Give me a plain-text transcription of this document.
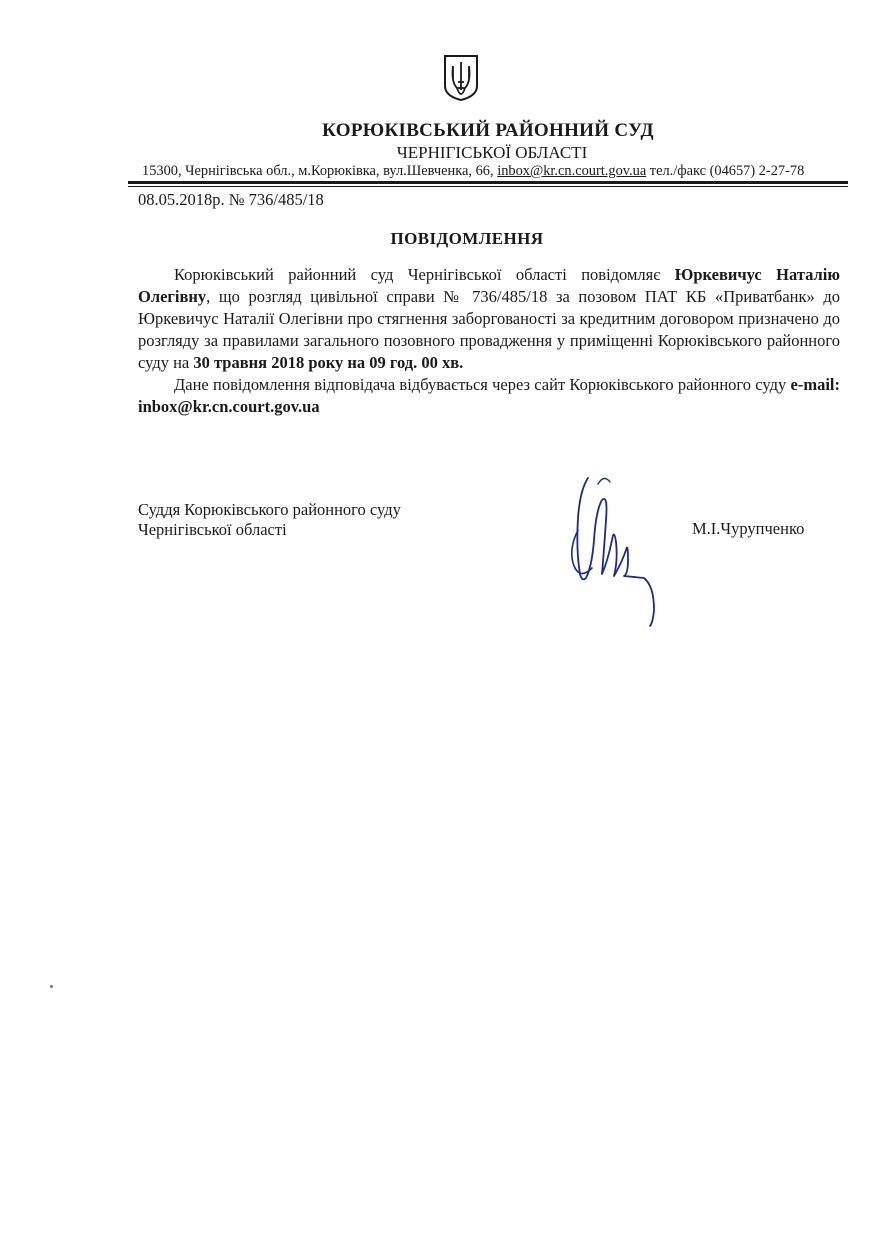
КОРЮКІВСЬКИЙ РАЙОННИЙ СУД
ЧЕРНІГІСЬКОЇ ОБЛАСТІ
15300, Чернігівська обл., м.Корюківка, вул.Шевченка, 66, inbox@kr.cn.court.gov.ua тел./факс (04657) 2-27-78
08.05.2018р. № 736/485/18
ПОВІДОМЛЕННЯ

Корюківський районний суд Чернігівської області повідомляє Юркевичус Наталію Олегівну, що розгляд цивільної справи № 736/485/18 за позовом ПАТ КБ «Приватбанк» до Юркевичус Наталії Олегівни про стягнення заборгованості за кредитним договором призначено до розгляду за правилами загального позовного провадження у приміщенні Корюківського районного суду на 30 травня 2018 року на 09 год. 00 хв.

Дане повідомлення відповідача відбувається через сайт Корюківського районного суду e-mail: inbox@kr.cn.court.gov.ua

Суддя Корюківського районного суду
Чернігівської області	М.І.Чурупченко
